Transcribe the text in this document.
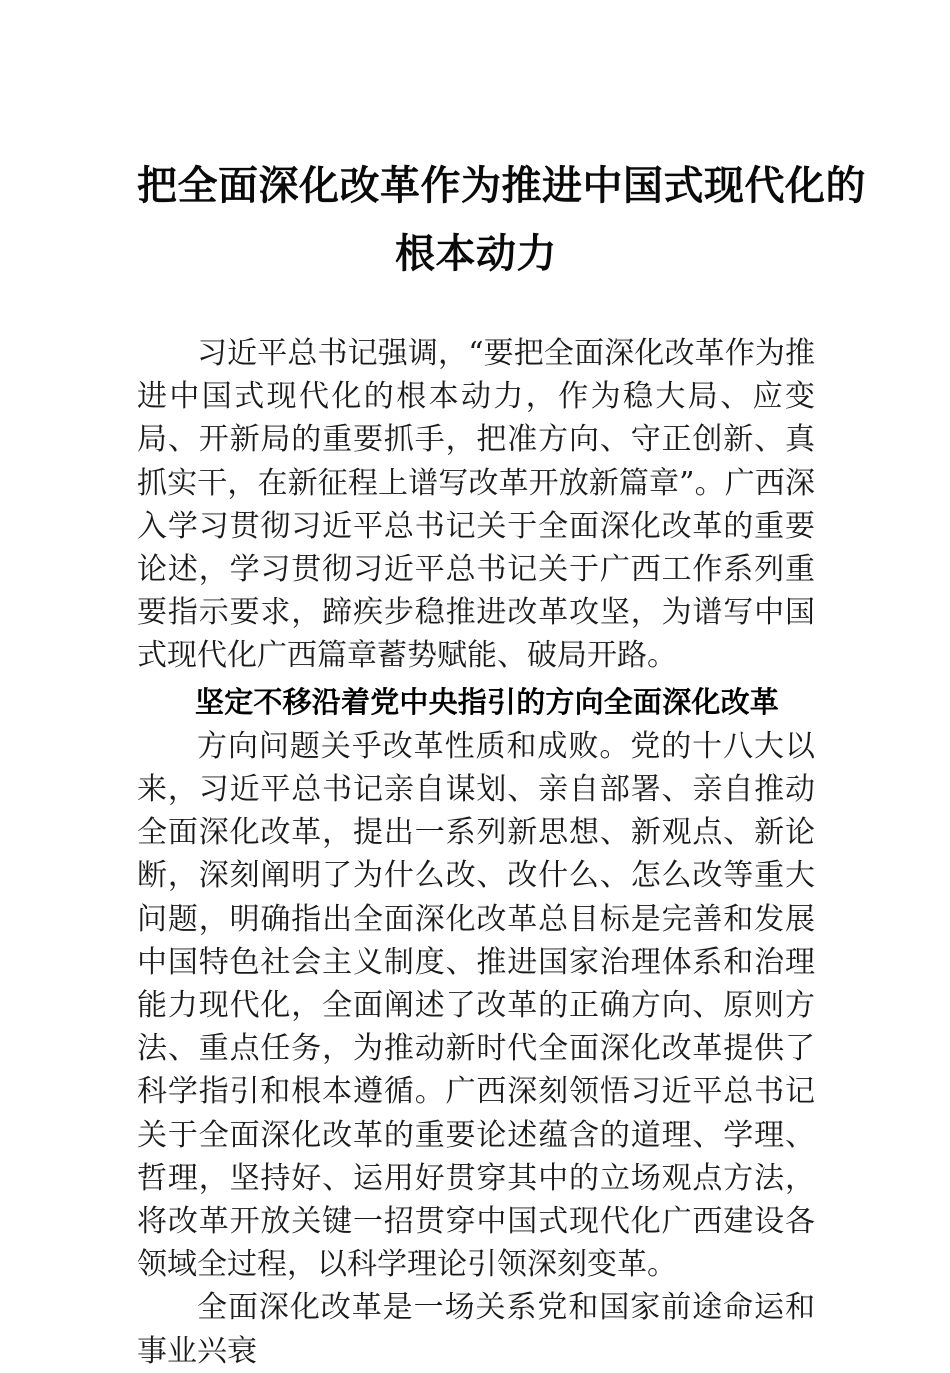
把全面深化改革作为推进中国式现代化的
根本动力

习近平总书记强调，“要把全面深化改革作为推进中国式现代化的根本动力，作为稳大局、应变局、开新局的重要抓手，把准方向、守正创新、真抓实干，在新征程上谱写改革开放新篇章”。广西深入学习贯彻习近平总书记关于全面深化改革的重要论述，学习贯彻习近平总书记关于广西工作系列重要指示要求，蹄疾步稳推进改革攻坚，为谱写中国式现代化广西篇章蓄势赋能、破局开路。

坚定不移沿着党中央指引的方向全面深化改革

方向问题关乎改革性质和成败。党的十八大以来，习近平总书记亲自谋划、亲自部署、亲自推动全面深化改革，提出一系列新思想、新观点、新论断，深刻阐明了为什么改、改什么、怎么改等重大问题，明确指出全面深化改革总目标是完善和发展中国特色社会主义制度、推进国家治理体系和治理能力现代化，全面阐述了改革的正确方向、原则方法、重点任务，为推动新时代全面深化改革提供了科学指引和根本遵循。广西深刻领悟习近平总书记关于全面深化改革的重要论述蕴含的道理、学理、哲理，坚持好、运用好贯穿其中的立场观点方法，将改革开放关键一招贯穿中国式现代化广西建设各领域全过程，以科学理论引领深刻变革。

全面深化改革是一场关系党和国家前途命运和事业兴衰
